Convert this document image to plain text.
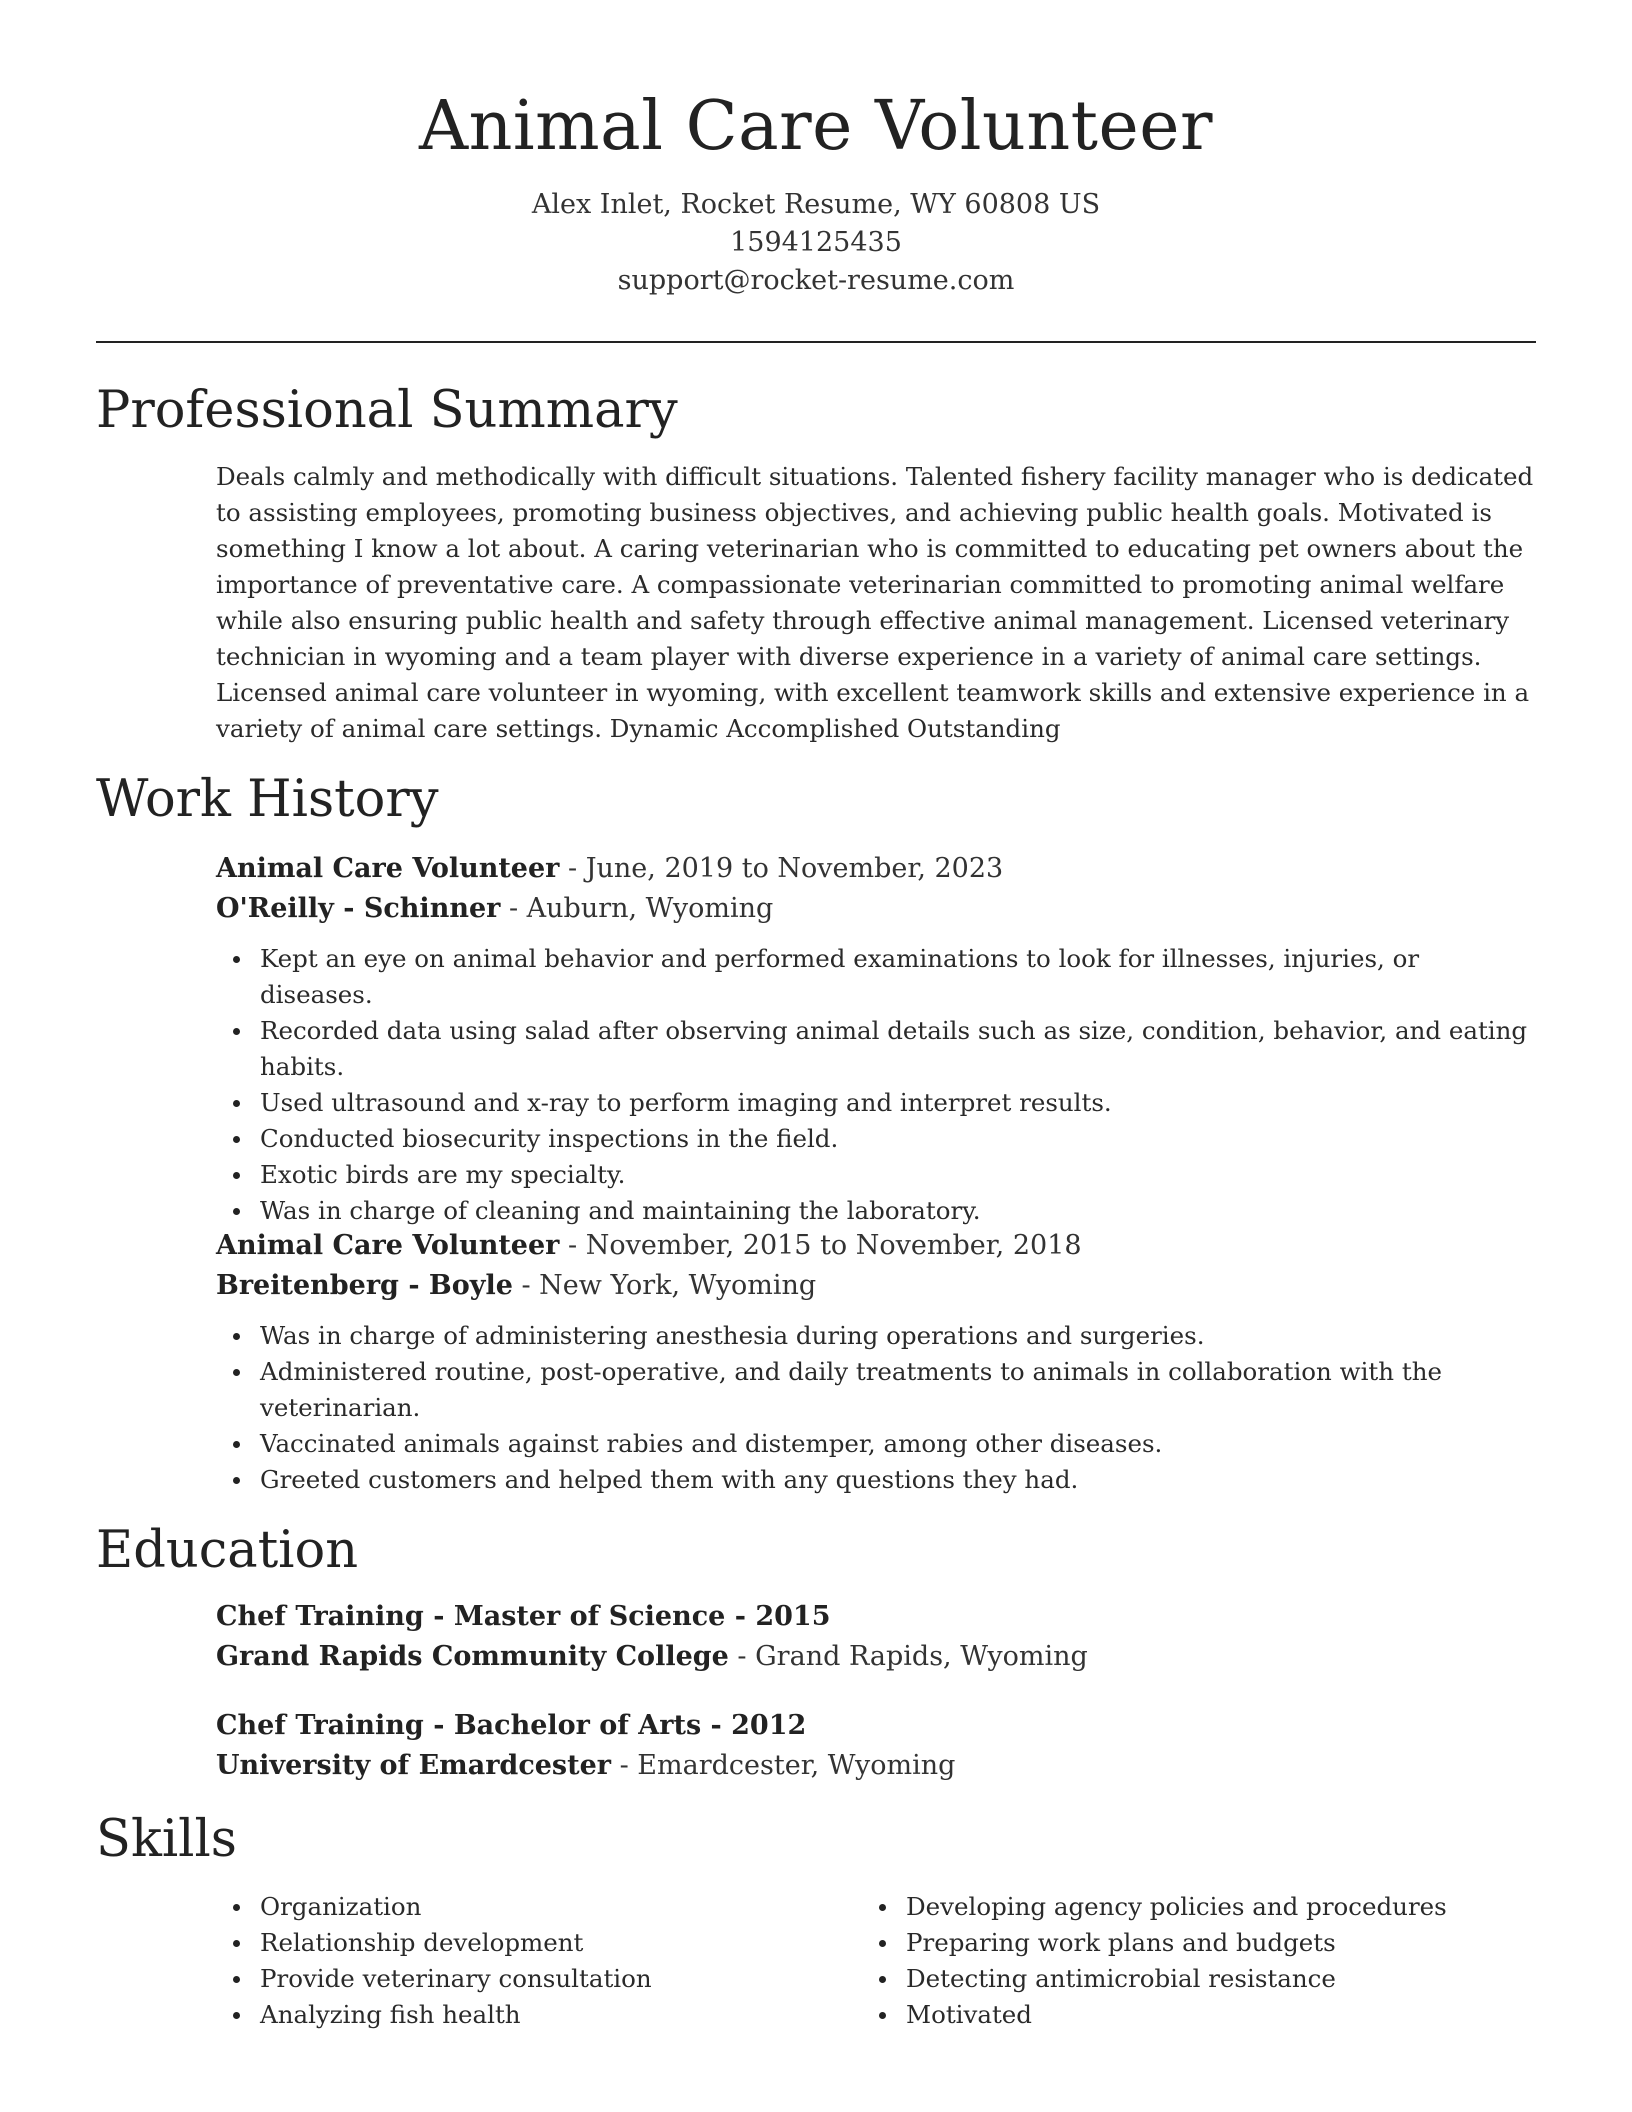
Animal Care Volunteer
Alex Inlet, Rocket Resume, WY 60808 US
1594125435
support@rocket-resume.com
Professional Summary

Deals calmly and methodically with difficult situations. Talented fishery facility manager who is dedicated to assisting employees, promoting business objectives, and achieving public health goals. Motivated is something I know a lot about. A caring veterinarian who is committed to educating pet owners about the importance of preventative care. A compassionate veterinarian committed to promoting animal welfare while also ensuring public health and safety through effective animal management. Licensed veterinary technician in wyoming and a team player with diverse experience in a variety of animal care settings. Licensed animal care volunteer in wyoming, with excellent teamwork skills and extensive experience in a variety of animal care settings. Dynamic Accomplished Outstanding

Work History
Animal Care Volunteer - June, 2019 to November, 2023
O'Reilly - Schinner - Auburn, Wyoming
Kept an eye on animal behavior and performed examinations to look for illnesses, injuries, or diseases.
Recorded data using salad after observing animal details such as size, condition, behavior, and eating habits.
Used ultrasound and x-ray to perform imaging and interpret results.
Conducted biosecurity inspections in the field.
Exotic birds are my specialty.
Was in charge of cleaning and maintaining the laboratory.
Animal Care Volunteer - November, 2015 to November, 2018
Breitenberg - Boyle - New York, Wyoming
Was in charge of administering anesthesia during operations and surgeries.
Administered routine, post-operative, and daily treatments to animals in collaboration with the veterinarian.
Vaccinated animals against rabies and distemper, among other diseases.
Greeted customers and helped them with any questions they had.
Education
Chef Training - Master of Science - 2015
Grand Rapids Community College - Grand Rapids, Wyoming
Chef Training - Bachelor of Arts - 2012
University of Emardcester - Emardcester, Wyoming
Skills
Organization
Relationship development
Provide veterinary consultation
Analyzing fish health
Developing agency policies and procedures
Preparing work plans and budgets
Detecting antimicrobial resistance
Motivated
